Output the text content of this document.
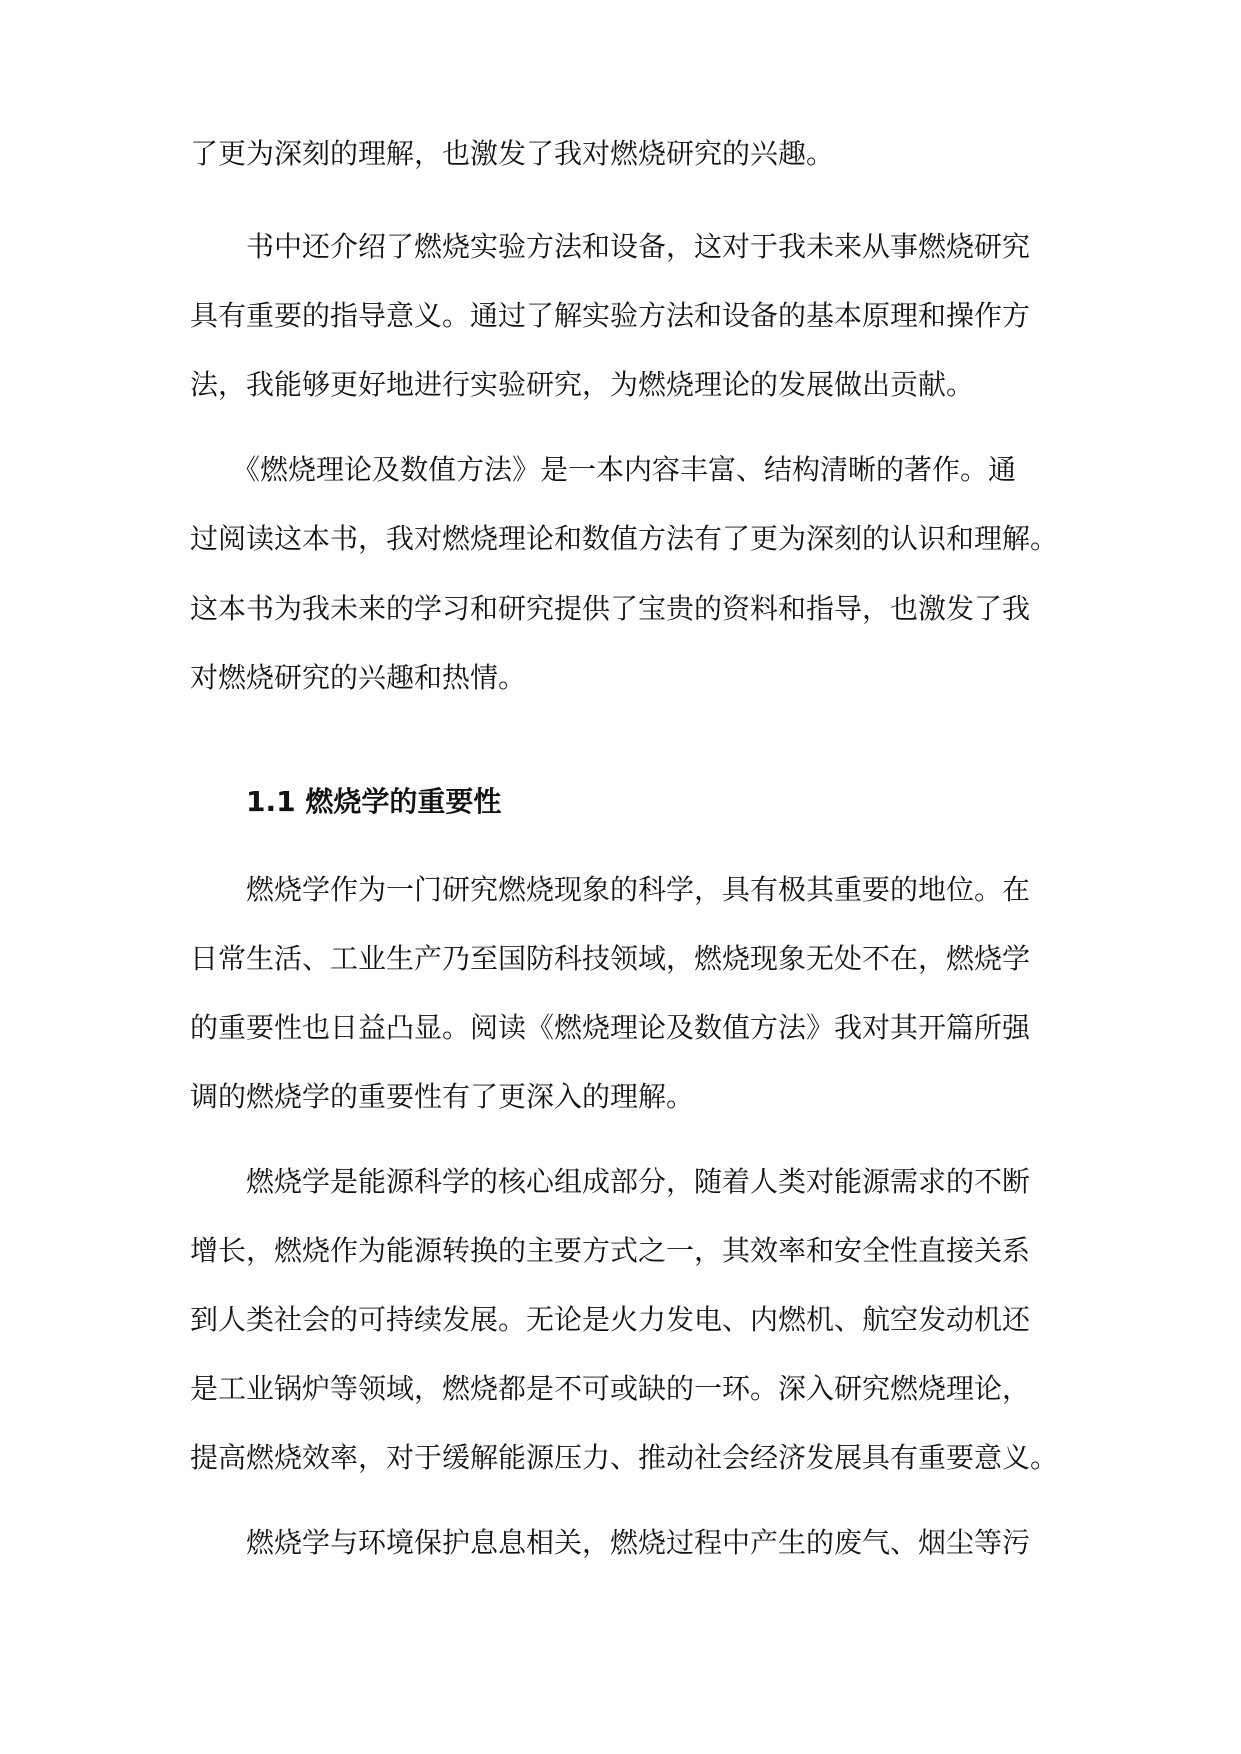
了更为深刻的理解，也激发了我对燃烧研究的兴趣。
书中还介绍了燃烧实验方法和设备，这对于我未来从事燃烧研究
具有重要的指导意义。通过了解实验方法和设备的基本原理和操作方
法，我能够更好地进行实验研究，为燃烧理论的发展做出贡献。
《燃烧理论及数值方法》是一本内容丰富、结构清晰的著作。通
过阅读这本书，我对燃烧理论和数值方法有了更为深刻的认识和理解。
这本书为我未来的学习和研究提供了宝贵的资料和指导，也激发了我
对燃烧研究的兴趣和热情。
1.1 燃烧学的重要性
燃烧学作为一门研究燃烧现象的科学，具有极其重要的地位。在
日常生活、工业生产乃至国防科技领域，燃烧现象无处不在，燃烧学
的重要性也日益凸显。阅读《燃烧理论及数值方法》我对其开篇所强
调的燃烧学的重要性有了更深入的理解。
燃烧学是能源科学的核心组成部分，随着人类对能源需求的不断
增长，燃烧作为能源转换的主要方式之一，其效率和安全性直接关系
到人类社会的可持续发展。无论是火力发电、内燃机、航空发动机还
是工业锅炉等领域，燃烧都是不可或缺的一环。深入研究燃烧理论，
提高燃烧效率，对于缓解能源压力、推动社会经济发展具有重要意义。
燃烧学与环境保护息息相关，燃烧过程中产生的废气、烟尘等污
